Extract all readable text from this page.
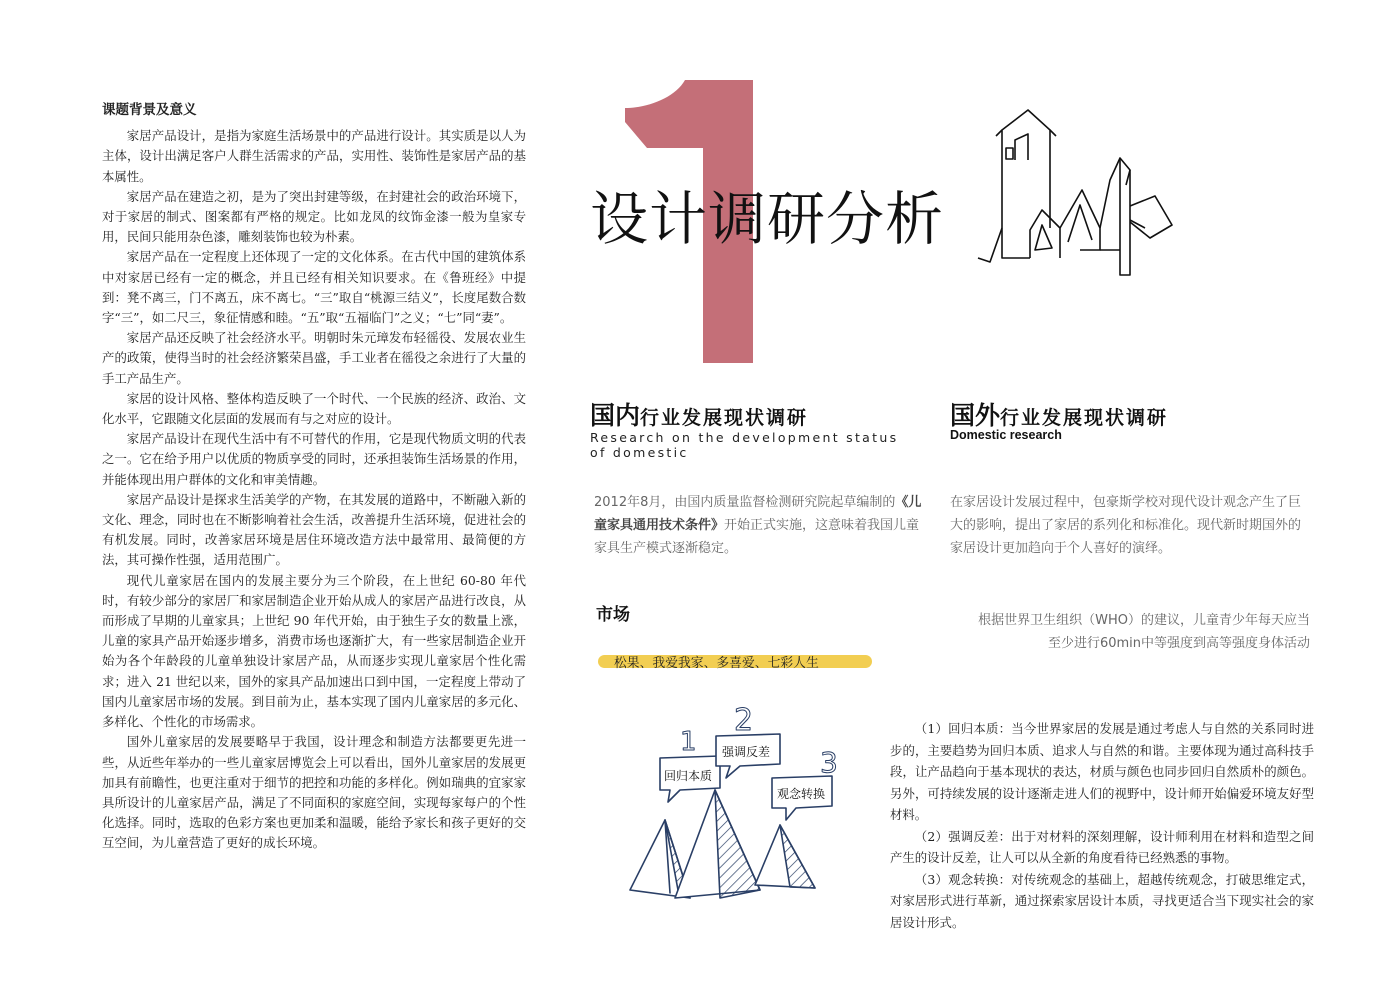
课题背景及意义

家居产品设计，是指为家庭生活场景中的产品进行设计。其实质是以人为主体，设计出满足客户人群生活需求的产品，实用性、装饰性是家居产品的基本属性。

家居产品在建造之初，是为了突出封建等级，在封建社会的政治环境下，对于家居的制式、图案都有严格的规定。比如龙凤的纹饰金漆一般为皇家专用，民间只能用杂色漆，雕刻装饰也较为朴素。

家居产品在一定程度上还体现了一定的文化体系。在古代中国的建筑体系中对家居已经有一定的概念，并且已经有相关知识要求。在《鲁班经》中提到：凳不离三，门不离五，床不离七。“三”取自“桃源三结义”，长度尾数合数字“三”，如二尺三，象征情感和睦。“五”取“五福临门”之义；“七”同“妻”。

家居产品还反映了社会经济水平。明朝时朱元璋发布轻徭役、发展农业生产的政策，使得当时的社会经济繁荣昌盛，手工业者在徭役之余进行了大量的手工产品生产。

家居的设计风格、整体构造反映了一个时代、一个民族的经济、政治、文化水平，它跟随文化层面的发展而有与之对应的设计。

家居产品设计在现代生活中有不可替代的作用，它是现代物质文明的代表之一。它在给予用户以优质的物质享受的同时，还承担装饰生活场景的作用，并能体现出用户群体的文化和审美情趣。

家居产品设计是探求生活美学的产物，在其发展的道路中，不断融入新的文化、理念，同时也在不断影响着社会生活，改善提升生活环境，促进社会的有机发展。同时，改善家居环境是居住环境改造方法中最常用、最简便的方法，其可操作性强，适用范围广。

现代儿童家居在国内的发展主要分为三个阶段，在上世纪 60-80 年代时，有较少部分的家居厂和家居制造企业开始从成人的家居产品进行改良，从而形成了早期的儿童家具；上世纪 90 年代开始，由于独生子女的数量上涨，儿童的家具产品开始逐步增多，消费市场也逐渐扩大，有一些家居制造企业开始为各个年龄段的儿童单独设计家居产品，从而逐步实现儿童家居个性化需求；进入 21 世纪以来，国外的家具产品加速出口到中国，一定程度上带动了国内儿童家居市场的发展。到目前为止，基本实现了国内儿童家居的多元化、多样化、个性化的市场需求。

国外儿童家居的发展要略早于我国，设计理念和制造方法都要更先进一些，从近些年举办的一些儿童家居博览会上可以看出，国外儿童家居的发展更加具有前瞻性，也更注重对于细节的把控和功能的多样化。例如瑞典的宜家家具所设计的儿童家居产品，满足了不同面积的家庭空间，实现每家每户的个性化选择。同时，选取的色彩方案也更加柔和温暖，能给予家长和孩子更好的交互空间，为儿童营造了更好的成长环境。

1
设计调研分析
国内行业发展现状调研
Research on the development status of domestic
2012年8月，由国内质量监督检测研究院起草编制的《儿童家具通用技术条件》开始正式实施，这意味着我国儿童家具生产模式逐渐稳定。
国外行业发展现状调研
Domestic research
在家居设计发展过程中，包豪斯学校对现代设计观念产生了巨大的影响，提出了家居的系列化和标准化。现代新时期国外的家居设计更加趋向于个人喜好的演绎。
根据世界卫生组织（WHO）的建议，儿童青少年每天应当
至少进行60min中等强度到高等强度身体活动
市场
松果、我爱我家、多喜爱、七彩人生
1
2
3
回归本质
强调反差
观念转换

（1）回归本质：当今世界家居的发展是通过考虑人与自然的关系同时进步的，主要趋势为回归本质、追求人与自然的和谐。主要体现为通过高科技手段，让产品趋向于基本现状的表达，材质与颜色也同步回归自然质朴的颜色。另外，可持续发展的设计逐渐走进人们的视野中，设计师开始偏爱环境友好型材料。

（2）强调反差：出于对材料的深刻理解，设计师利用在材料和造型之间产生的设计反差，让人可以从全新的角度看待已经熟悉的事物。

（3）观念转换：对传统观念的基础上，超越传统观念，打破思维定式，对家居形式进行革新，通过探索家居设计本质，寻找更适合当下现实社会的家居设计形式。
